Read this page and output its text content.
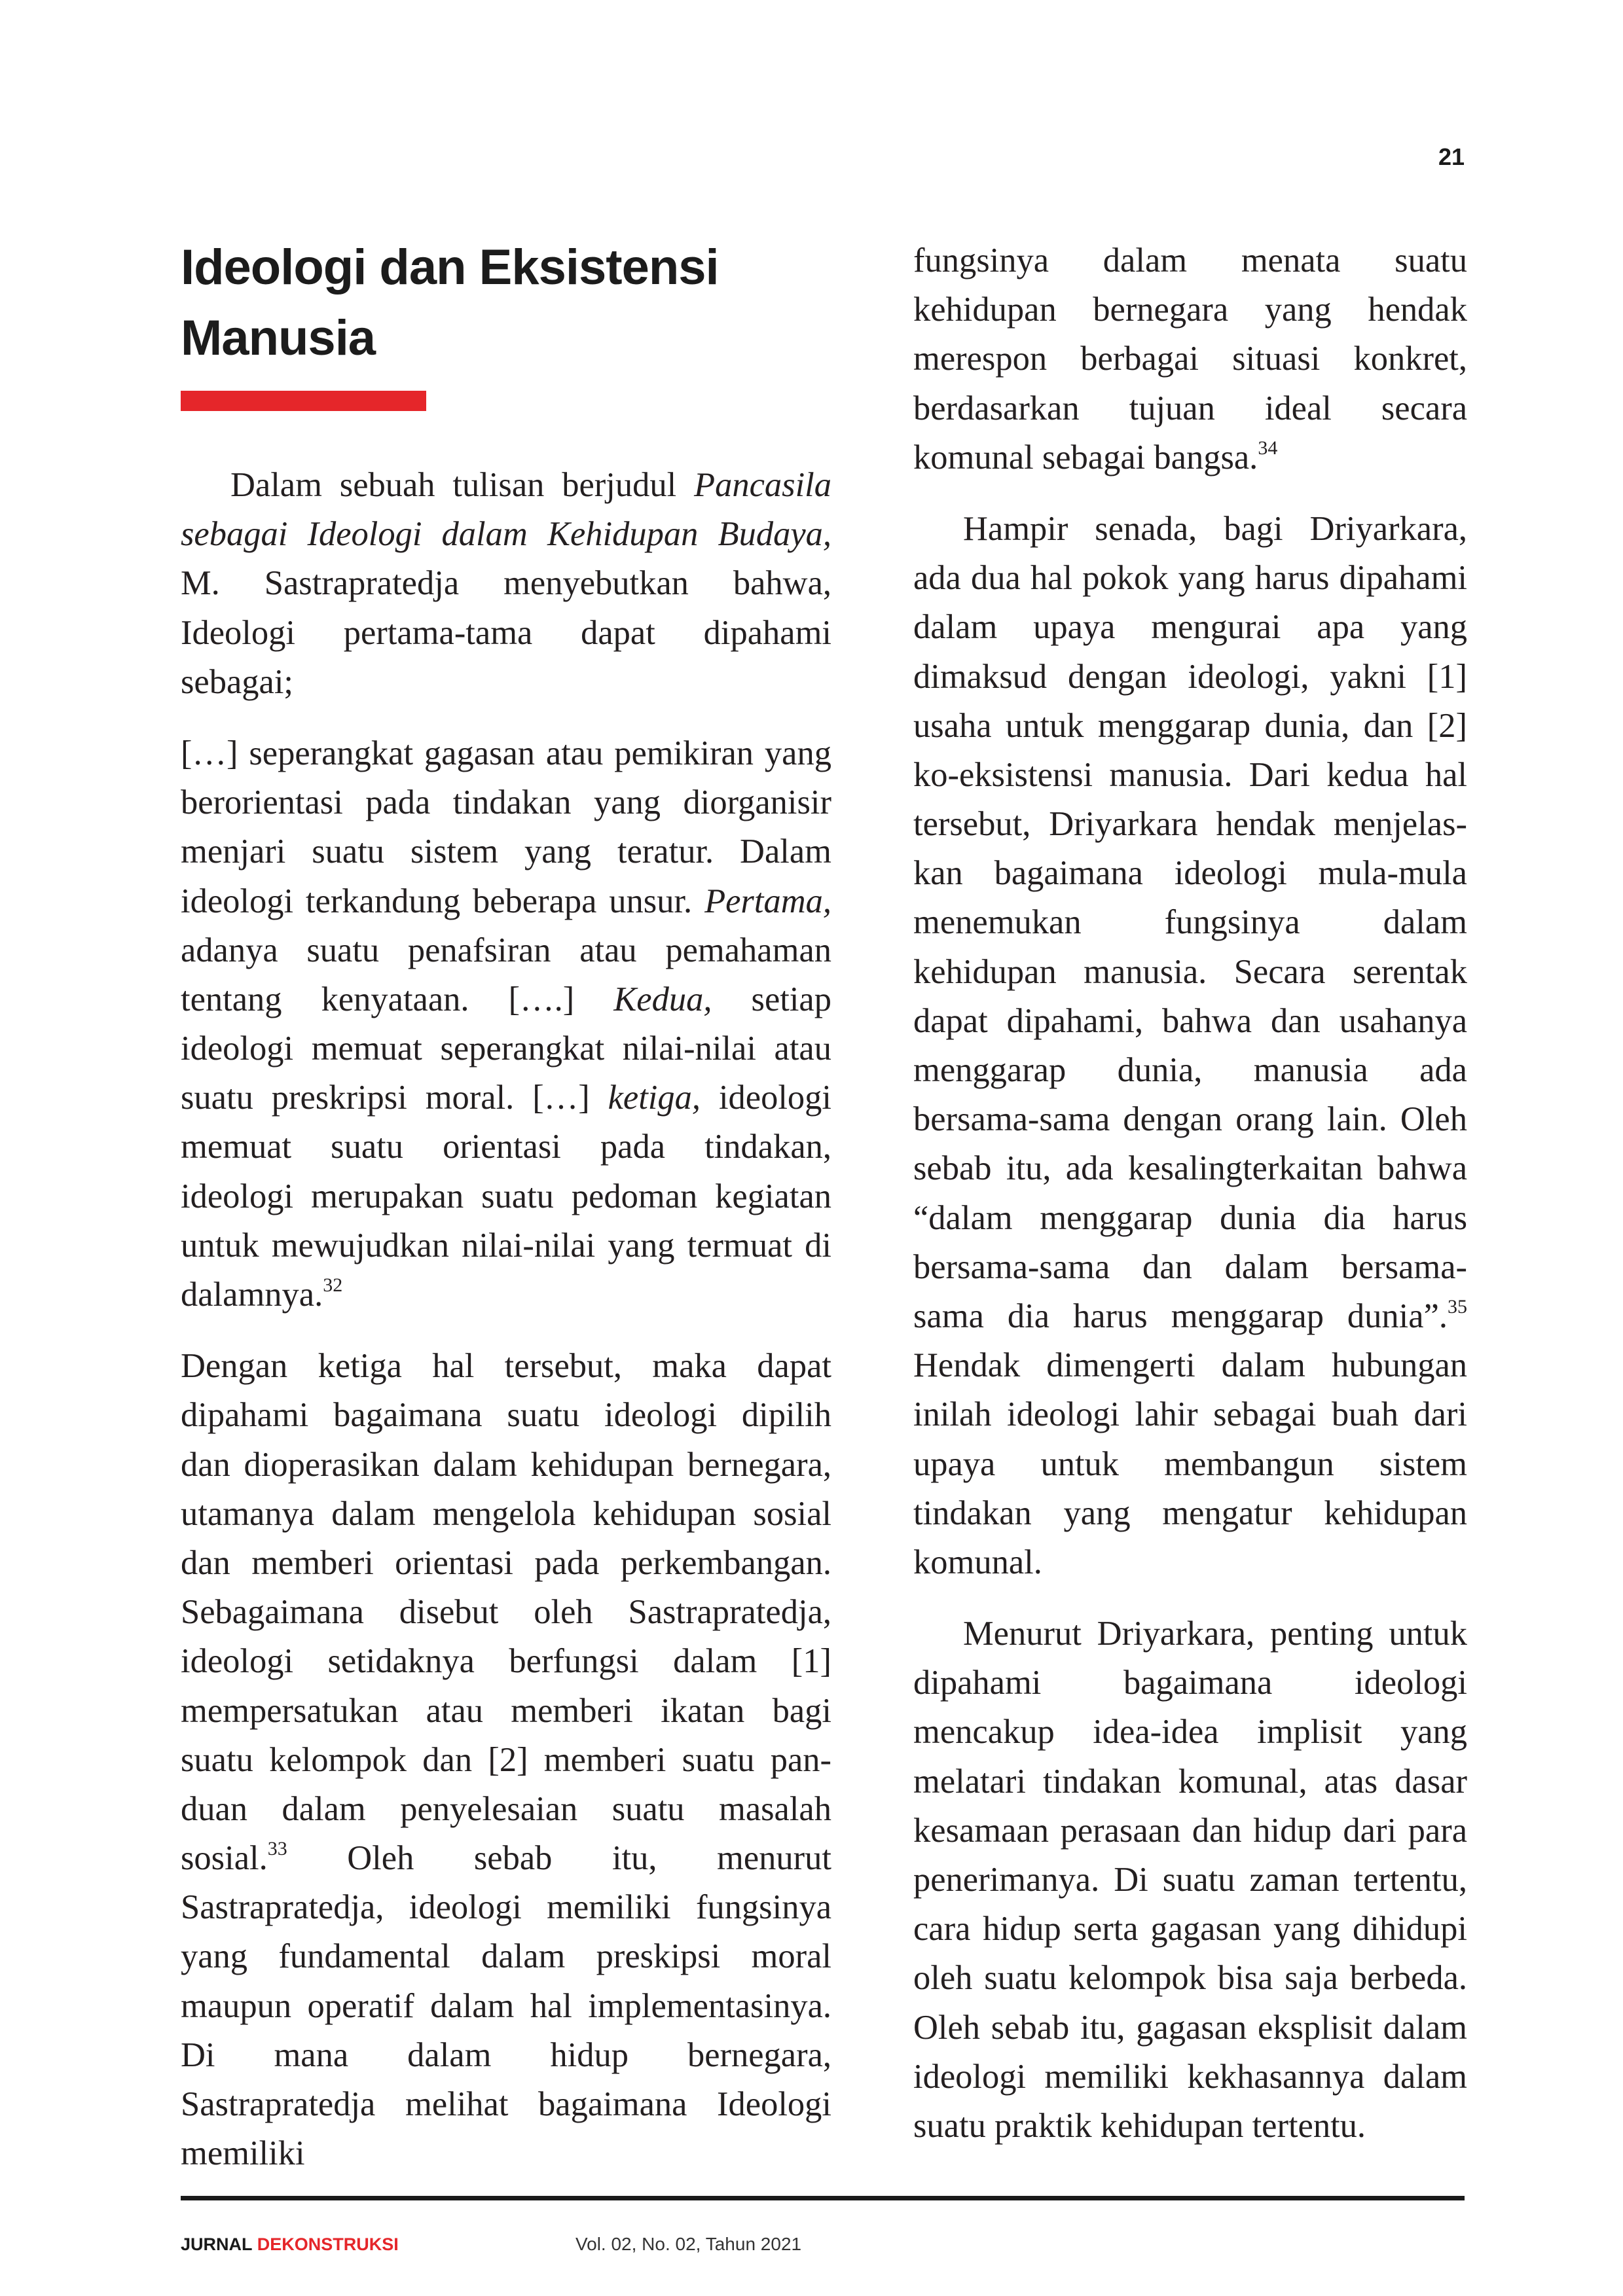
21
Ideologi dan Eksistensi
Manusia
Dalam sebuah tulisan berjudul Pancasila
sebagai Ideologi dalam Kehidupan Budaya,
M. Sastrapratedja menyebutkan bahwa,
Ideologi pertama-tama dapat dipahami
sebagai;
[…] seperangkat gagasan atau pemikiran yang
berorientasi pada tindakan yang diorganisir
menjari suatu sistem yang teratur. Dalam
ideologi terkandung beberapa unsur. Pertama,
adanya suatu penafsiran atau pemahaman
tentang kenyataan. [….] Kedua, setiap
ideologi memuat seperangkat nilai-nilai atau
suatu preskripsi moral. […] ketiga, ideologi
memuat suatu orientasi pada tindakan,
ideologi merupakan suatu pedoman kegiatan
untuk mewujudkan nilai-nilai yang termuat di
dalamnya.$^{32}$
Dengan ketiga hal tersebut, maka dapat
dipahami bagaimana suatu ideologi dipilih
dan dioperasikan dalam kehidupan bernegara,
utamanya dalam mengelola kehidupan sosial
dan memberi orientasi pada perkembangan.
Sebagaimana disebut oleh Sastrapratedja,
ideologi setidaknya berfungsi dalam [1]
mempersatukan atau memberi ikatan bagi
suatu kelompok dan [2] memberi suatu pan-
duan dalam penyelesaian suatu masalah
sosial.$^{33}$ Oleh sebab itu, menurut
Sastrapratedja, ideologi memiliki fungsinya
yang fundamental dalam preskipsi moral
maupun operatif dalam hal implementasinya.
Di mana dalam hidup bernegara,
Sastrapratedja melihat bagaimana Ideologi
memiliki
fungsinya dalam menata suatu
kehidupan bernegara yang hendak
merespon berbagai situasi konkret,
berdasarkan tujuan ideal secara
komunal sebagai bangsa.$^{34}$
Hampir senada, bagi Driyarkara,
ada dua hal pokok yang harus dipahami
dalam upaya mengurai apa yang
dimaksud dengan ideologi, yakni [1]
usaha untuk menggarap dunia, dan [2]
ko-eksistensi manusia. Dari kedua hal
tersebut, Driyarkara hendak menjelas-
kan bagaimana ideologi mula-mula
menemukan fungsinya dalam
kehidupan manusia. Secara serentak
dapat dipahami, bahwa dan usahanya
menggarap dunia, manusia ada
bersama-sama dengan orang lain. Oleh
sebab itu, ada kesalingterkaitan bahwa
“dalam menggarap dunia dia harus
bersama-sama dan dalam bersama-
sama dia harus menggarap dunia”.$^{35}$
Hendak dimengerti dalam hubungan
inilah ideologi lahir sebagai buah dari
upaya untuk membangun sistem
tindakan yang mengatur kehidupan
komunal.
Menurut Driyarkara, penting untuk
dipahami bagaimana ideologi
mencakup idea-idea implisit yang
melatari tindakan komunal, atas dasar
kesamaan perasaan dan hidup dari para
penerimanya. Di suatu zaman tertentu,
cara hidup serta gagasan yang dihidupi
oleh suatu kelompok bisa saja berbeda.
Oleh sebab itu, gagasan eksplisit dalam
ideologi memiliki kekhasannya dalam
suatu praktik kehidupan tertentu.
JURNAL DEKONSTRUKSI	Vol. 02, No. 02, Tahun 2021
